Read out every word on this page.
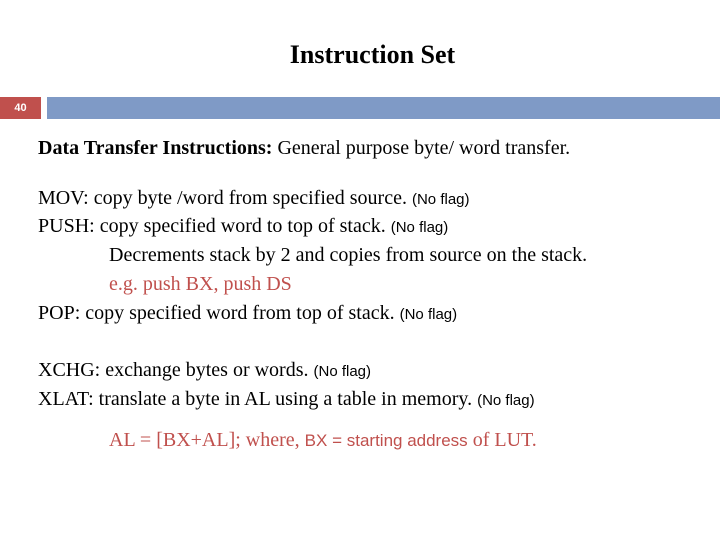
Instruction Set
40
Data Transfer Instructions: General purpose byte/ word transfer.
MOV: copy byte /word from specified source. (No flag)
PUSH: copy specified word to top of stack. (No flag)
Decrements stack by 2 and copies from source on the stack.
e.g. push BX, push DS
POP: copy specified word from top of stack. (No flag)
XCHG: exchange bytes or words. (No flag)
XLAT: translate a byte in AL using a table in memory. (No flag)
AL = [BX+AL]; where, BX = starting address of LUT.
